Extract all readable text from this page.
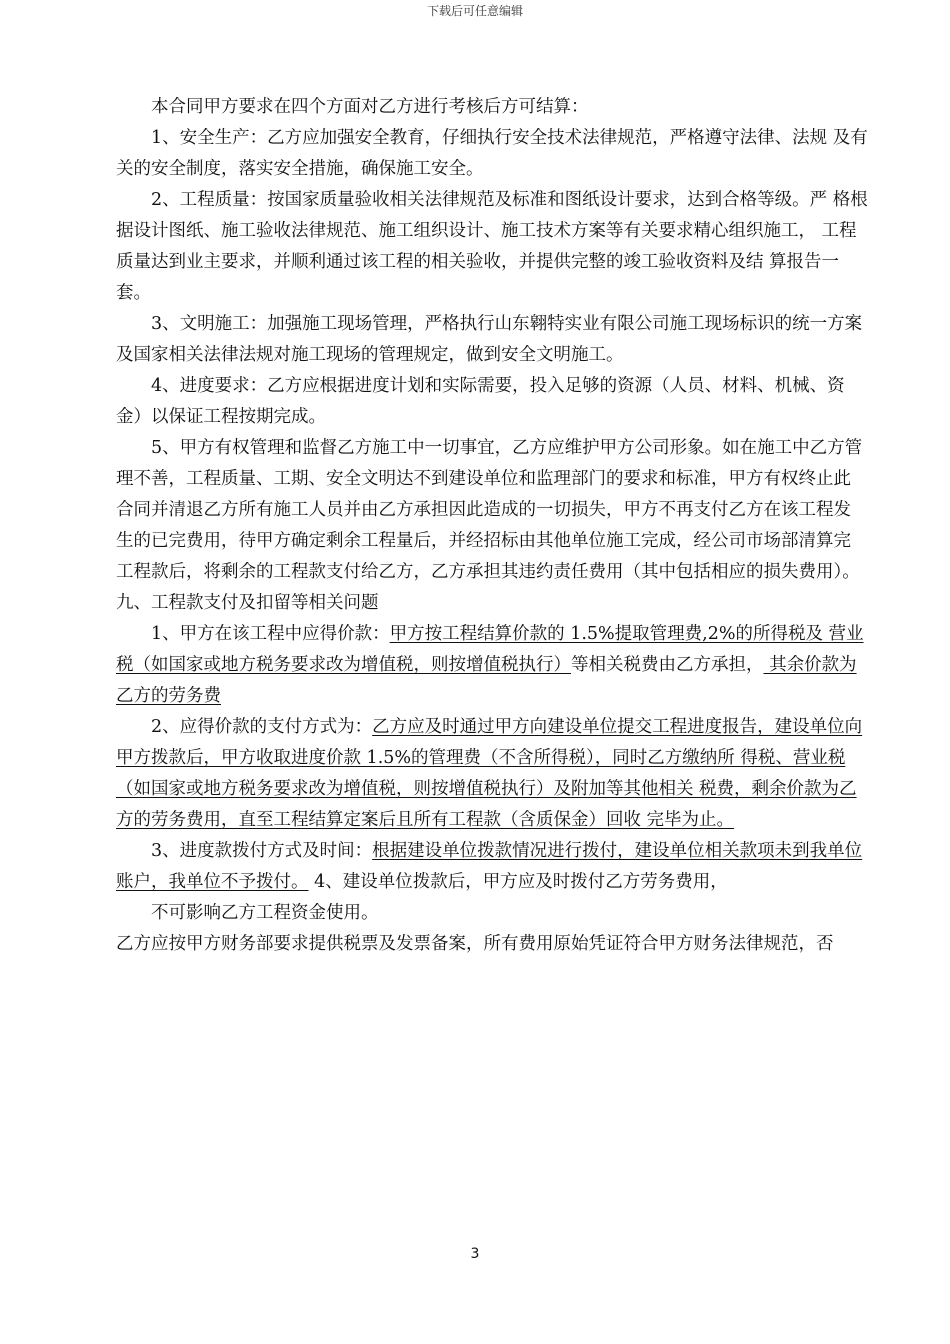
下载后可任意编辑

本合同甲方要求在四个方面对乙方进行考核后方可结算：

1、安全生产：乙方应加强安全教育，仔细执行安全技术法律规范，严格遵守法律、法规 及有关的安全制度，落实安全措施，确保施工安全。

2、工程质量：按国家质量验收相关法律规范及标准和图纸设计要求，达到合格等级。严 格根据设计图纸、施工验收法律规范、施工组织设计、施工技术方案等有关要求精心组织施工， 工程质量达到业主要求，并顺利通过该工程的相关验收，并提供完整的竣工验收资料及结 算报告一套。

3、文明施工：加强施工现场管理，严格执行山东翱特实业有限公司施工现场标识的统一方案及国家相关法律法规对施工现场的管理规定，做到安全文明施工。

4、进度要求：乙方应根据进度计划和实际需要，投入足够的资源（人员、材料、机械、资金）以保证工程按期完成。

5、甲方有权管理和监督乙方施工中一切事宜，乙方应维护甲方公司形象。如在施工中乙方管理不善，工程质量、工期、安全文明达不到建设单位和监理部门的要求和标准，甲方有权终止此合同并清退乙方所有施工人员并由乙方承担因此造成的一切损失，甲方不再支付乙方在该工程发生的已完费用，待甲方确定剩余工程量后，并经招标由其他单位施工完成，经公司市场部清算完工程款后，将剩余的工程款支付给乙方，乙方承担其违约责任费用（其中包括相应的损失费用）。

九、工程款支付及扣留等相关问题

1、甲方在该工程中应得价款：甲方按工程结算价款的 1.5%提取管理费,2%的所得税及 营业税（如国家或地方税务要求改为增值税，则按增值税执行）等相关税费由乙方承担， 其余价款为乙方的劳务费

2、应得价款的支付方式为：乙方应及时通过甲方向建设单位提交工程进度报告，建设单位向甲方拨款后，甲方收取进度价款 1.5%的管理费（不含所得税），同时乙方缴纳所 得税、营业税（如国家或地方税务要求改为增值税，则按增值税执行）及附加等其他相关 税费，剩余价款为乙方的劳务费用，直至工程结算定案后且所有工程款（含质保金）回收 完毕为止。

3、进度款拨付方式及时间：根据建设单位拨款情况进行拨付，建设单位相关款项未到我单位账户，我单位不予拨付。 4、建设单位拨款后，甲方应及时拨付乙方劳务费用，

不可影响乙方工程资金使用。

乙方应按甲方财务部要求提供税票及发票备案，所有费用原始凭证符合甲方财务法律规范，否

3
